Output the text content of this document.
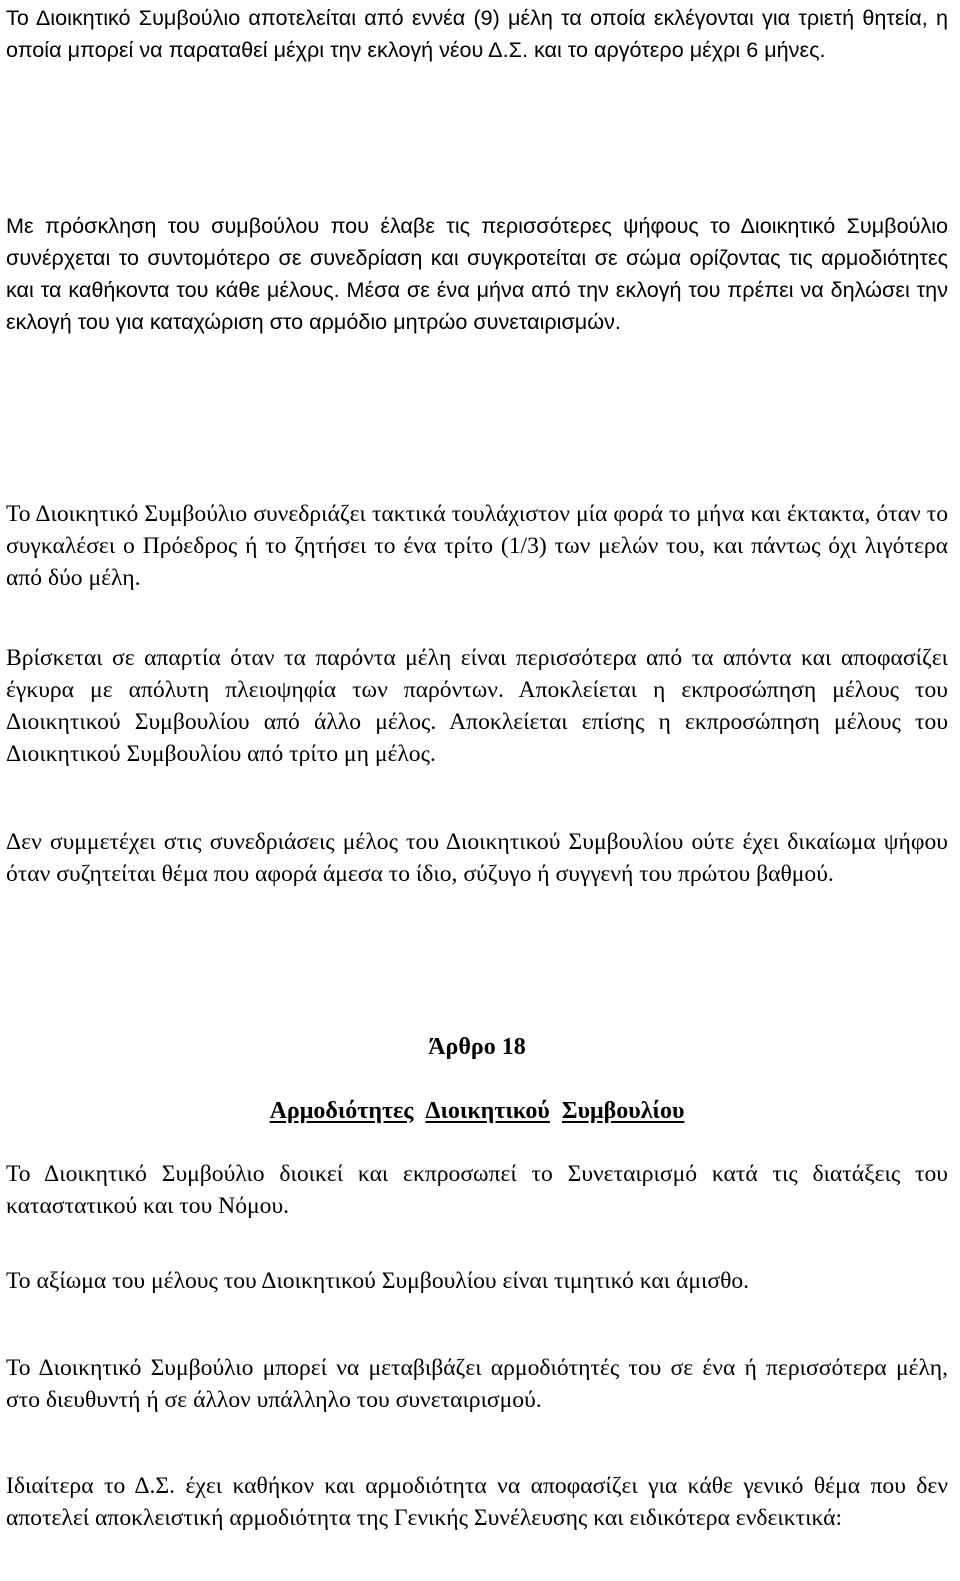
Το Διοικητικό Συμβούλιο αποτελείται από εννέα (9) μέλη τα οποία εκλέγονται για τριετή θητεία, η οποία μπορεί να παραταθεί μέχρι την εκλογή νέου Δ.Σ. και το αργότερο μέχρι 6 μήνες.

Με πρόσκληση του συμβούλου που έλαβε τις περισσότερες ψήφους το Διοικητικό Συμβούλιο συνέρχεται το συντομότερο σε συνεδρίαση και συγκροτείται σε σώμα ορίζοντας τις αρμοδιότητες και τα καθήκοντα του κάθε μέλους. Μέσα σε ένα μήνα από την εκλογή του πρέπει να δηλώσει την εκλογή του για καταχώριση στο αρμόδιο μητρώο συνεταιρισμών.

Το Διοικητικό Συμβούλιο συνεδριάζει τακτικά τουλάχιστον μία φορά το μήνα και έκτακτα, όταν το συγκαλέσει ο Πρόεδρος ή το ζητήσει το ένα τρίτο (1/3) των μελών του, και πάντως όχι λιγότερα από δύο μέλη.

Βρίσκεται σε απαρτία όταν τα παρόντα μέλη είναι περισσότερα από τα απόντα και αποφασίζει έγκυρα με απόλυτη πλειοψηφία των παρόντων. Αποκλείεται η εκπροσώπηση μέλους του Διοικητικού Συμβουλίου από άλλο μέλος. Αποκλείεται επίσης η εκπροσώπηση μέλους του Διοικητικού Συμβουλίου από τρίτο μη μέλος.

Δεν συμμετέχει στις συνεδριάσεις μέλος του Διοικητικού Συμβουλίου ούτε έχει δικαίωμα ψήφου όταν συζητείται θέμα που αφορά άμεσα το ίδιο, σύζυγο ή συγγενή του πρώτου βαθμού.

Άρθρο 18
Αρμοδιότητες Διοικητικού Συμβουλίου

Το Διοικητικό Συμβούλιο διοικεί και εκπροσωπεί το Συνεταιρισμό κατά τις διατάξεις του καταστατικού και του Νόμου.

Το αξίωμα του μέλους του Διοικητικού Συμβουλίου είναι τιμητικό και άμισθο.

Το Διοικητικό Συμβούλιο μπορεί να μεταβιβάζει αρμοδιότητές του σε ένα ή περισσότερα μέλη, στο διευθυντή ή σε άλλον υπάλληλο του συνεταιρισμού.

Ιδιαίτερα το Δ.Σ. έχει καθήκον και αρμοδιότητα να αποφασίζει για κάθε γενικό θέμα που δεν αποτελεί αποκλειστική αρμοδιότητα της Γενικής Συνέλευσης και ειδικότερα ενδεικτικά:
